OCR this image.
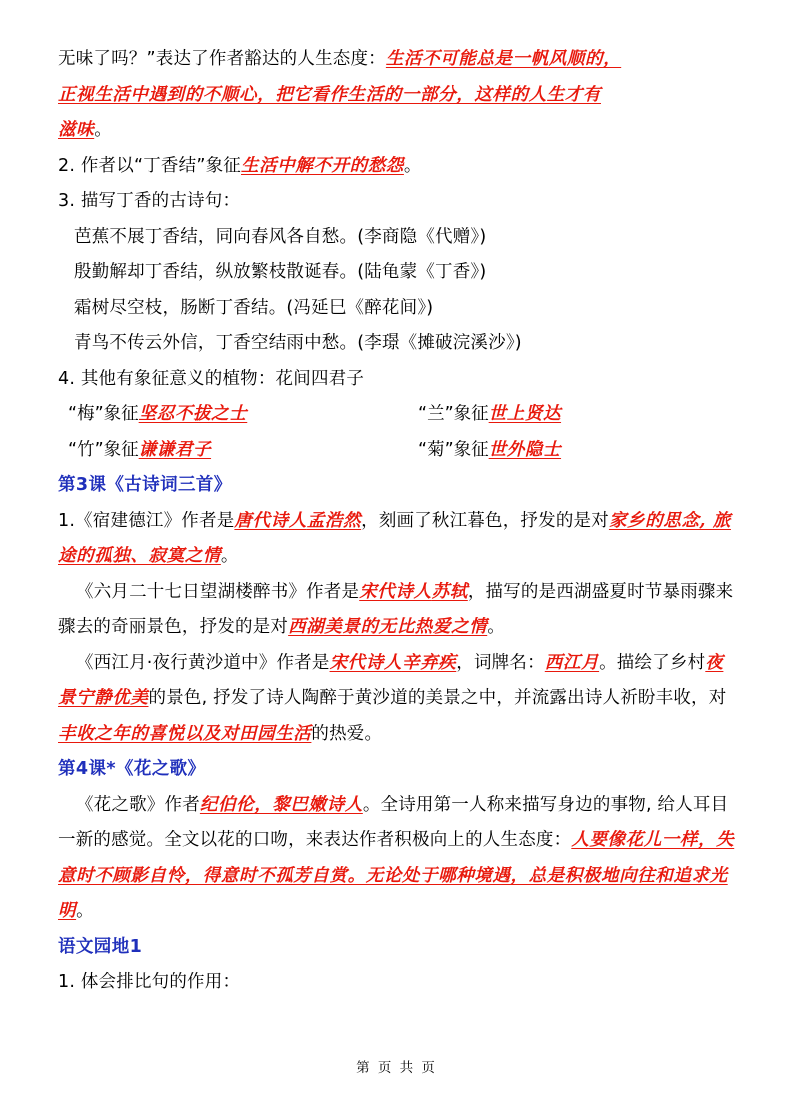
无味了吗？”表达了作者豁达的人生态度：生活不可能总是一帆风顺的，
正视生活中遇到的不顺心，把它看作生活的一部分，这样的人生才有
滋味。
2. 作者以“丁香结”象征生活中解不开的愁怨。
3. 描写丁香的古诗句：
芭蕉不展丁香结，同向春风各自愁。(李商隐《代赠》)
殷勤解却丁香结，纵放繁枝散诞春。(陆龟蒙《丁香》)
霜树尽空枝，肠断丁香结。(冯延巳《醉花间》)
青鸟不传云外信，丁香空结雨中愁。(李璟《摊破浣溪沙》)
4. 其他有象征意义的植物：花间四君子
“梅”象征坚忍不拔之士	“兰”象征世上贤达
“竹”象征谦谦君子	“菊”象征世外隐士
第3课《古诗词三首》
1.《宿建德江》作者是唐代诗人孟浩然，刻画了秋江暮色，抒发的是对家乡的思念, 旅途的孤独、寂寞之情。
《六月二十七日望湖楼醉书》作者是宋代诗人苏轼，描写的是西湖盛夏时节暴雨骤来骤去的奇丽景色，抒发的是对西湖美景的无比热爱之情。
《西江月·夜行黄沙道中》作者是宋代诗人辛弃疾，词牌名：西江月。描绘了乡村夜景宁静优美的景色, 抒发了诗人陶醉于黄沙道的美景之中，并流露出诗人祈盼丰收，对丰收之年的喜悦以及对田园生活的热爱。
第4课*《花之歌》
《花之歌》作者纪伯伦，黎巴嫩诗人。全诗用第一人称来描写身边的事物, 给人耳目一新的感觉。全文以花的口吻，来表达作者积极向上的人生态度：人要像花儿一样，失意时不顾影自怜，得意时不孤芳自赏。无论处于哪种境遇，总是积极地向往和追求光明。
语文园地1
1. 体会排比句的作用：
第 页 共 页
